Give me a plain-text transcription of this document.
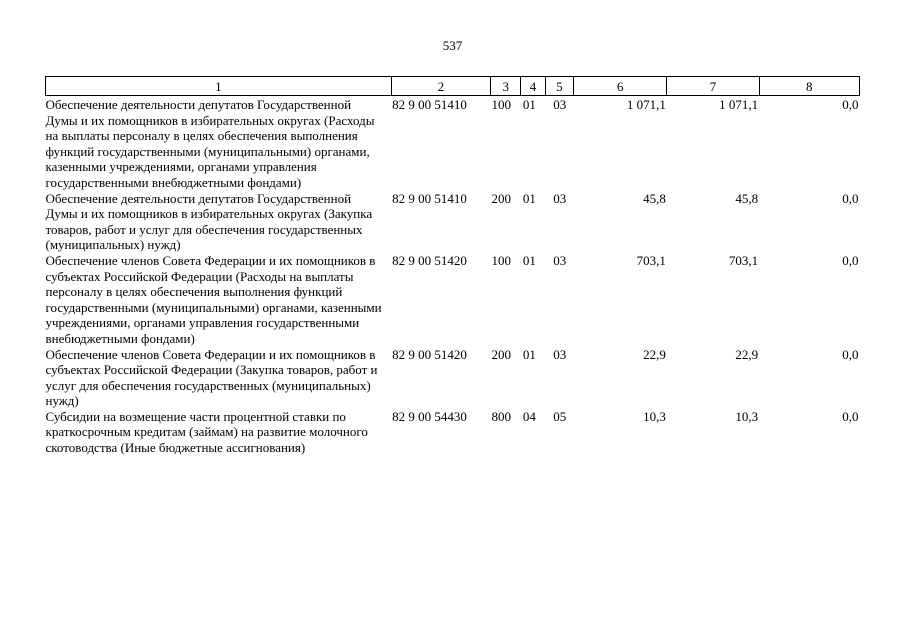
537
1	2	3	4	5	6	7	8
Обеспечение деятельности депутатов Государственной Думы и их помощников в избирательных округах (Расходы на выплаты персоналу в целях обеспечения выполнения функций государственными (муниципальными) органами, казенными учреждениями, органами управления государственными внебюджетными фондами)	82 9 00 51410	100	01	03	1 071,1	1 071,1	0,0
Обеспечение деятельности депутатов Государственной Думы и их помощников в избирательных округах (Закупка товаров, работ и услуг для обеспечения государственных (муниципальных) нужд)	82 9 00 51410	200	01	03	45,8	45,8	0,0
Обеспечение членов Совета Федерации и их помощников в субъектах Российской Федерации (Расходы на выплаты персоналу в целях обеспечения выполнения функций государственными (муниципальными) органами, казенными учреждениями, органами управления государственными внебюджетными фондами)	82 9 00 51420	100	01	03	703,1	703,1	0,0
Обеспечение членов Совета Федерации и их помощников в субъектах Российской Федерации (Закупка товаров, работ и услуг для обеспечения государственных (муниципальных) нужд)	82 9 00 51420	200	01	03	22,9	22,9	0,0
Субсидии на возмещение части процентной ставки по краткосрочным кредитам (займам) на развитие молочного скотоводства (Иные бюджетные ассигнования)	82 9 00 54430	800	04	05	10,3	10,3	0,0
